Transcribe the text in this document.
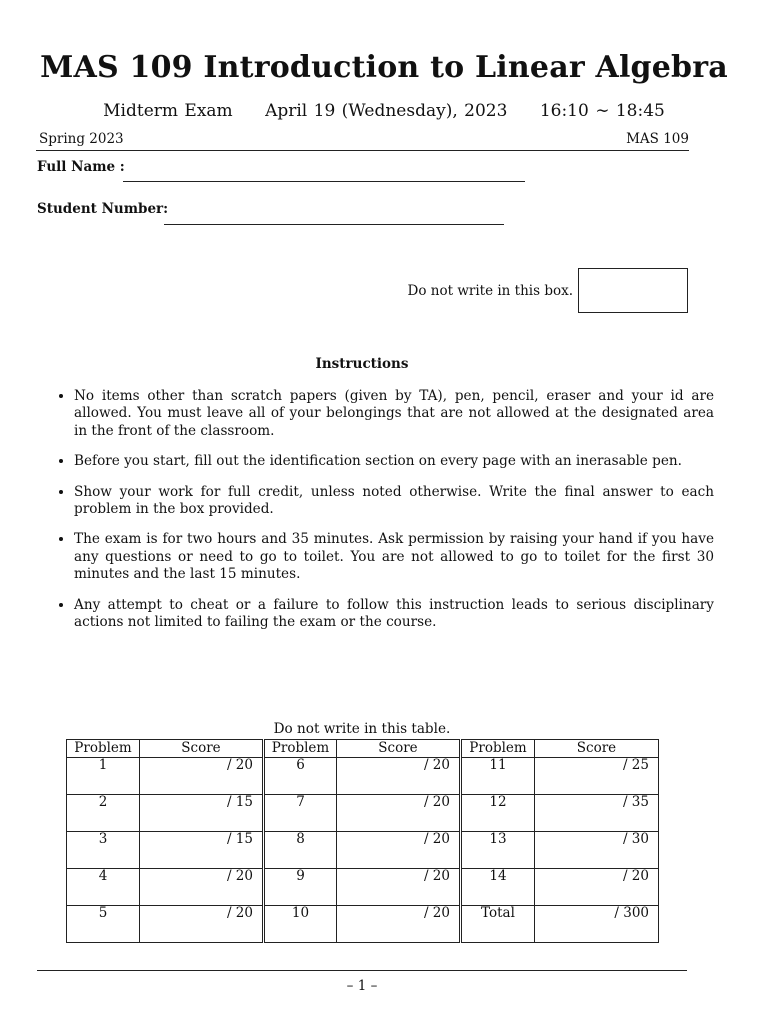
MAS 109 Introduction to Linear Algebra
Midterm Exam April 19 (Wednesday), 2023 16:10 ∼ 18:45
Spring 2023	MAS 109
Full Name :
Student Number:
Do not write in this box.
Instructions
• No items other than scratch papers (given by TA), pen, pencil, eraser and your id are allowed. You must leave all of your belongings that are not allowed at the designated area in the front of the classroom.
• Before you start, fill out the identification section on every page with an inerasable pen.
• Show your work for full credit, unless noted otherwise. Write the final answer to each problem in the box provided.
• The exam is for two hours and 35 minutes. Ask permission by raising your hand if you have any questions or need to go to toilet. You are not allowed to go to toilet for the first 30 minutes and the last 15 minutes.
• Any attempt to cheat or a failure to follow this instruction leads to serious disciplinary actions not limited to failing the exam or the course.
Do not write in this table.
Problem	Score	Problem	Score	Problem	Score
1	/ 20	6	/ 20	11	/ 25
2	/ 15	7	/ 20	12	/ 35
3	/ 15	8	/ 20	13	/ 30
4	/ 20	9	/ 20	14	/ 20
5	/ 20	10	/ 20	Total	/ 300
– 1 –
